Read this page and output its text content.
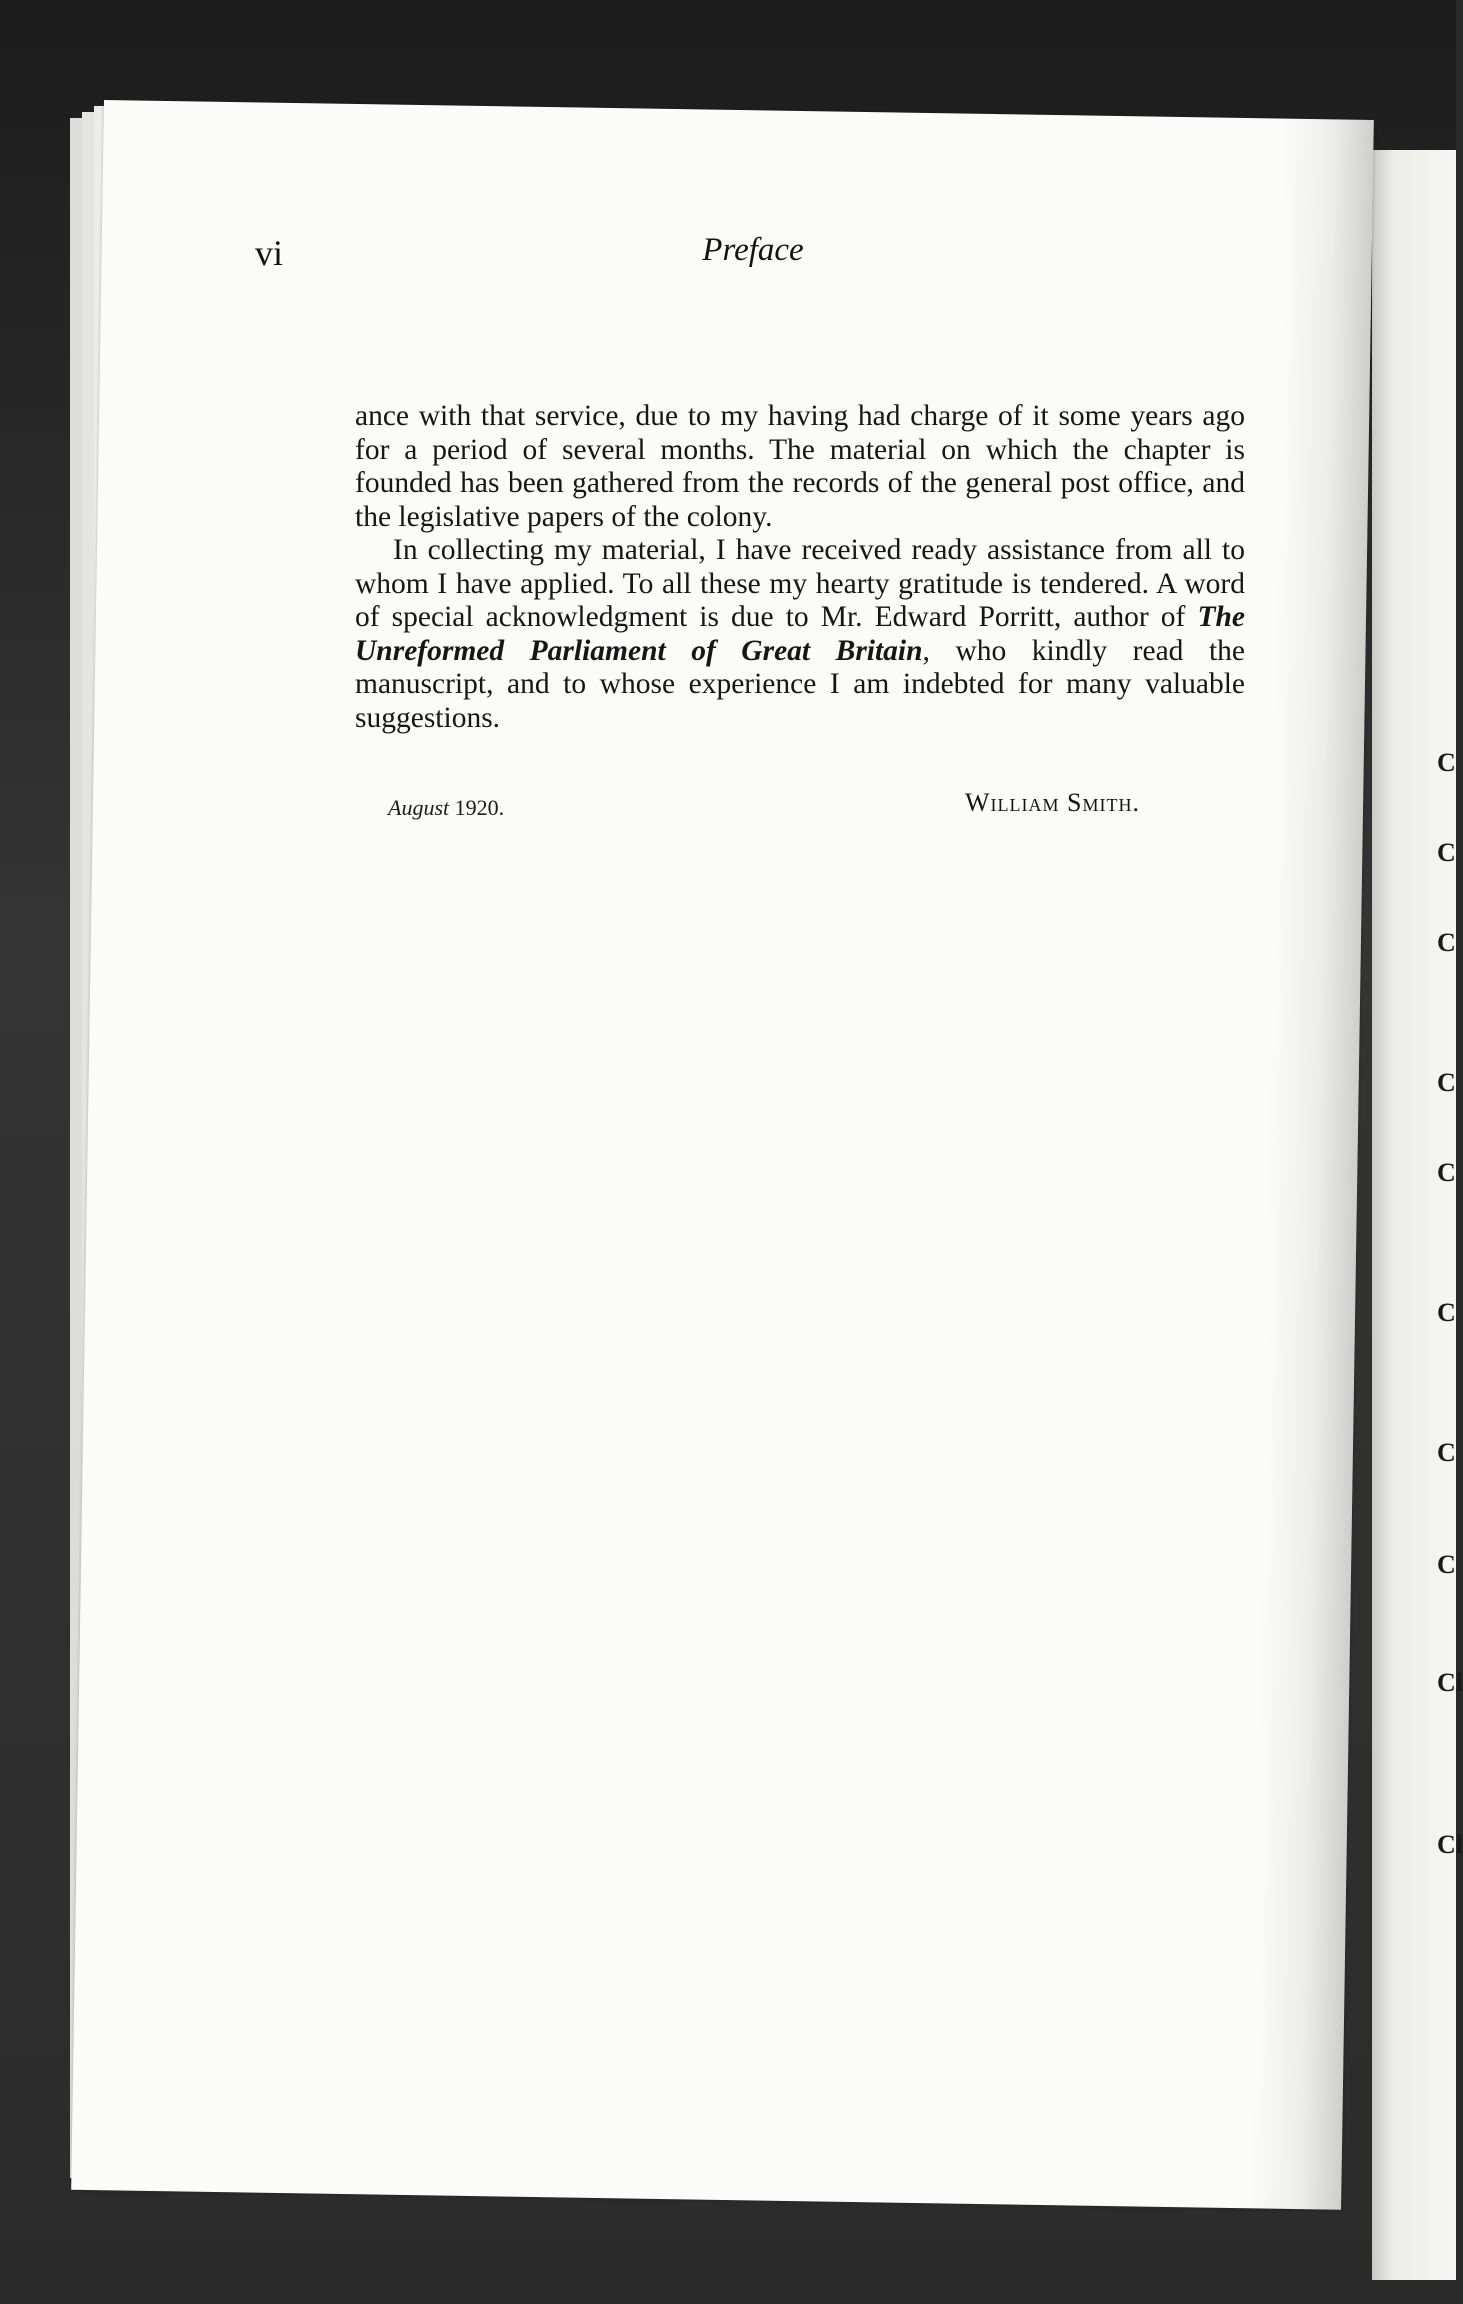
C
C
C
C
C
C
C
C
Cl
Cl
vi	Preface

ance with that service, due to my having had charge of it some years ago for a period of several months. The material on which the chapter is founded has been gathered from the records of the general post office, and the legislative papers of the colony.

In collecting my material, I have received ready assistance from all to whom I have applied. To all these my hearty gratitude is tendered. A word of special acknowledgment is due to Mr. Edward Porritt, author of The Unreformed Parliament of Great Britain, who kindly read the manuscript, and to whose experience I am indebted for many valuable suggestions.

August 1920.	William Smith.
